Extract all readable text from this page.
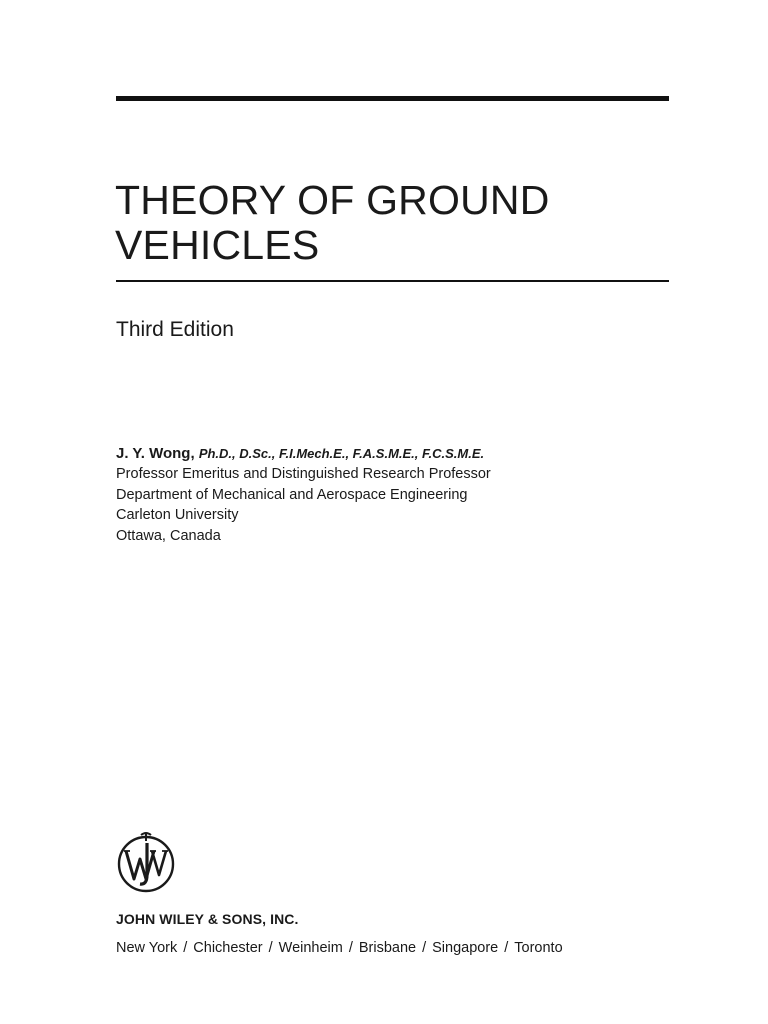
THEORY OF GROUND
VEHICLES
Third Edition
J. Y. Wong, Ph.D., D.Sc., F.I.Mech.E., F.A.S.M.E., F.C.S.M.E.
Professor Emeritus and Distinguished Research Professor
Department of Mechanical and Aerospace Engineering
Carleton University
Ottawa, Canada
JOHN WILEY & SONS, INC.
New York / Chichester / Weinheim / Brisbane / Singapore / Toronto
